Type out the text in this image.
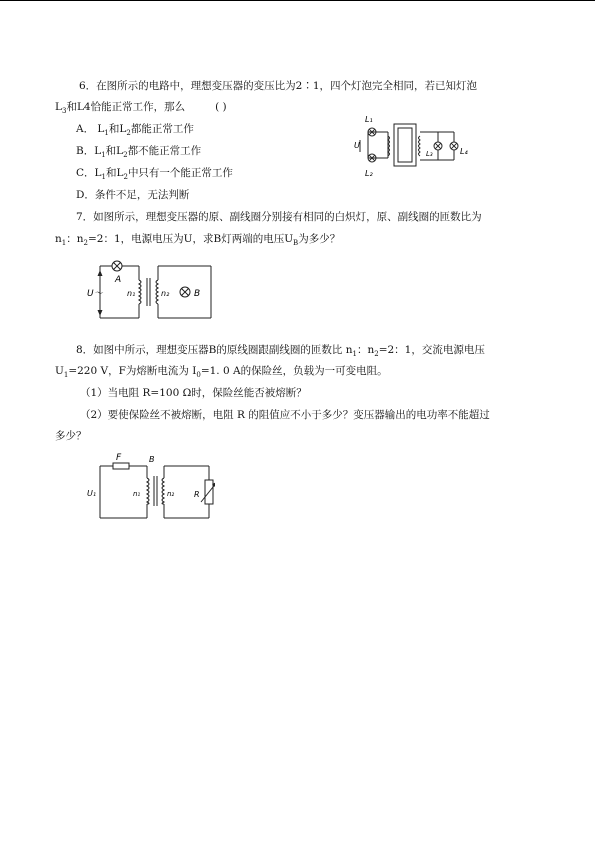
6．在图所示的电路中，理想变压器的变压比为2∶1，四个灯泡完全相同，若已知灯泡
$L_3$和L4恰能正常工作，那么	( )
A． $L_1$和$L_2$都能正常工作
B．$L_1$和$L_2$都不能正常工作
C．$L_1$和$L_2$中只有一个能正常工作
D．条件不足，无法判断
L₁
L₂
L₃	L₄
U
7．如图所示，理想变压器的原、副线圈分别接有相同的白炽灯，原、副线圈的匝数比为
$n_1$：$n_2=2$：1，电源电压为U，求B灯两端的电压$U_B$为多少？
U～
A
n₁	n₂	B
8．如图中所示，理想变压器B的原线圈跟副线圈的匝数比 $n_1$：$n_2=2$：1，交流电源电压
$U_1=220$ V，F为熔断电流为 $I_0=1$. 0 A的保险丝，负载为一可变电阻。
（1）当电阻 R=100 Ω时，保险丝能否被熔断？
（2）要使保险丝不被熔断，电阻 R 的阻值应不小于多少？变压器输出的电功率不能超过
多少？
F
U₁	n₁	n₂
B
R
